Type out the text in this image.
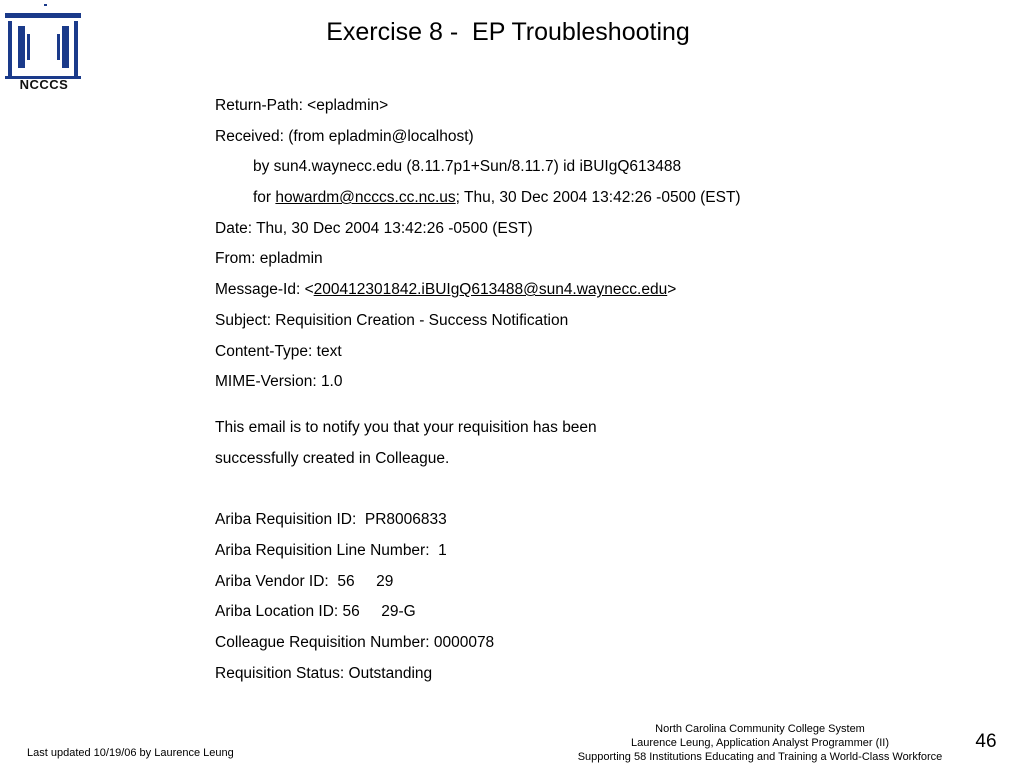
NCCCS
Exercise 8 -  EP Troubleshooting
Return-Path: <epladmin>
Received: (from epladmin@localhost)
by sun4.waynecc.edu (8.11.7p1+Sun/8.11.7) id iBUIgQ613488
for howardm@ncccs.cc.nc.us; Thu, 30 Dec 2004 13:42:26 -0500 (EST)
Date: Thu, 30 Dec 2004 13:42:26 -0500 (EST)
From: epladmin
Message-Id: <200412301842.iBUIgQ613488@sun4.waynecc.edu>
Subject: Requisition Creation - Success Notification
Content-Type: text
MIME-Version: 1.0
This email is to notify you that your requisition has been
successfully created in Colleague.
Ariba Requisition ID:  PR8006833
Ariba Requisition Line Number:  1
Ariba Vendor ID:  56     29
Ariba Location ID: 56     29-G
Colleague Requisition Number: 0000078
Requisition Status: Outstanding
Last updated 10/19/06 by Laurence Leung
North Carolina Community College System
Laurence Leung, Application Analyst Programmer (II)
Supporting 58 Institutions Educating and Training a World-Class Workforce
46
